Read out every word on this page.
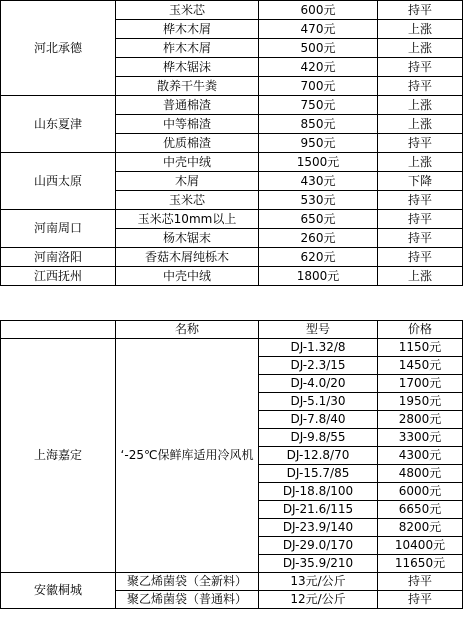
河北承德	玉米芯	600元	持平
	桦木木屑	470元	上涨
	柞木木屑	500元	上涨
	桦木锯沫	420元	持平
	散养干牛粪	700元	持平
山东夏津	普通棉渣	750元	上涨
	中等棉渣	850元	上涨
	优质棉渣	950元	持平
山西太原	中壳中绒	1500元	上涨
	木屑	430元	下降
	玉米芯	530元	持平
河南周口	玉米芯10mm以上	650元	持平
	杨木锯末	260元	持平
河南洛阳	香菇木屑纯栎木	620元	持平
江西抚州	中壳中绒	1800元	上涨
	名称	型号	价格
上海嘉定	‘-25℃保鲜库适用冷风机	DJ-1.32/8	1150元
		DJ-2.3/15	1450元
		DJ-4.0/20	1700元
		DJ-5.1/30	1950元
		DJ-7.8/40	2800元
		DJ-9.8/55	3300元
		DJ-12.8/70	4300元
		DJ-15.7/85	4800元
		DJ-18.8/100	6000元
		DJ-21.6/115	6650元
		DJ-23.9/140	8200元
		DJ-29.0/170	10400元
		DJ-35.9/210	11650元
安徽桐城	聚乙烯菌袋（全新料）	13元/公斤	持平
	聚乙烯菌袋（普通料）	12元/公斤	持平
